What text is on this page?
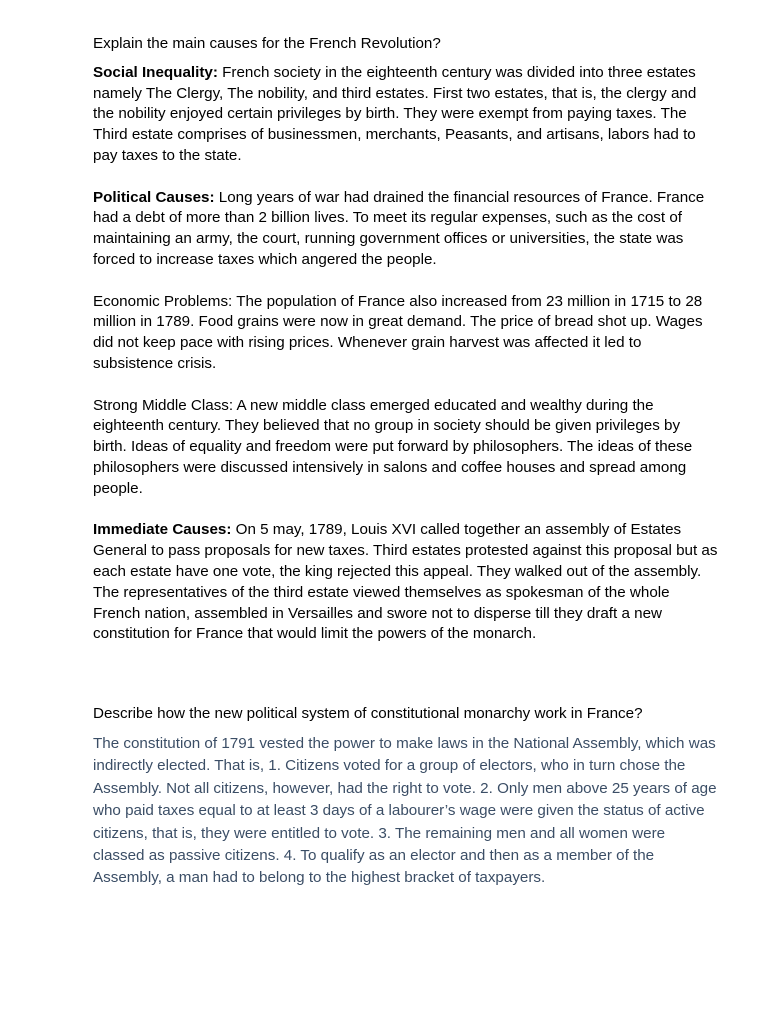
Explain the main causes for the French Revolution?

Social Inequality: French society in the eighteenth century was divided into three estates namely The Clergy, The nobility, and third estates. First two estates, that is, the clergy and the nobility enjoyed certain privileges by birth. They were exempt from paying taxes. The Third estate comprises of businessmen, merchants, Peasants, and artisans, labors had to pay taxes to the state.

Political Causes: Long years of war had drained the financial resources of France. France had a debt of more than 2 billion lives. To meet its regular expenses, such as the cost of maintaining an army, the court, running government offices or universities, the state was forced to increase taxes which angered the people.

Economic Problems: The population of France also increased from 23 million in 1715 to 28 million in 1789. Food grains were now in great demand. The price of bread shot up. Wages did not keep pace with rising prices. Whenever grain harvest was affected it led to subsistence crisis.

Strong Middle Class: A new middle class emerged educated and wealthy during the eighteenth century. They believed that no group in society should be given privileges by birth. Ideas of equality and freedom were put forward by philosophers. The ideas of these philosophers were discussed intensively in salons and coffee houses and spread among people.

Immediate Causes: On 5 may, 1789, Louis XVI called together an assembly of Estates General to pass proposals for new taxes. Third estates protested against this proposal but as each estate have one vote, the king rejected this appeal. They walked out of the assembly. The representatives of the third estate viewed themselves as spokesman of the whole French nation, assembled in Versailles and swore not to disperse till they draft a new constitution for France that would limit the powers of the monarch.

Describe how the new political system of constitutional monarchy work in France?

The constitution of 1791 vested the power to make laws in the National Assembly, which was indirectly elected. That is, 1. Citizens voted for a group of electors, who in turn chose the Assembly. Not all citizens, however, had the right to vote. 2. Only men above 25 years of age who paid taxes equal to at least 3 days of a labourer’s wage were given the status of active citizens, that is, they were entitled to vote. 3. The remaining men and all women were classed as passive citizens. 4. To qualify as an elector and then as a member of the Assembly, a man had to belong to the highest bracket of taxpayers.
